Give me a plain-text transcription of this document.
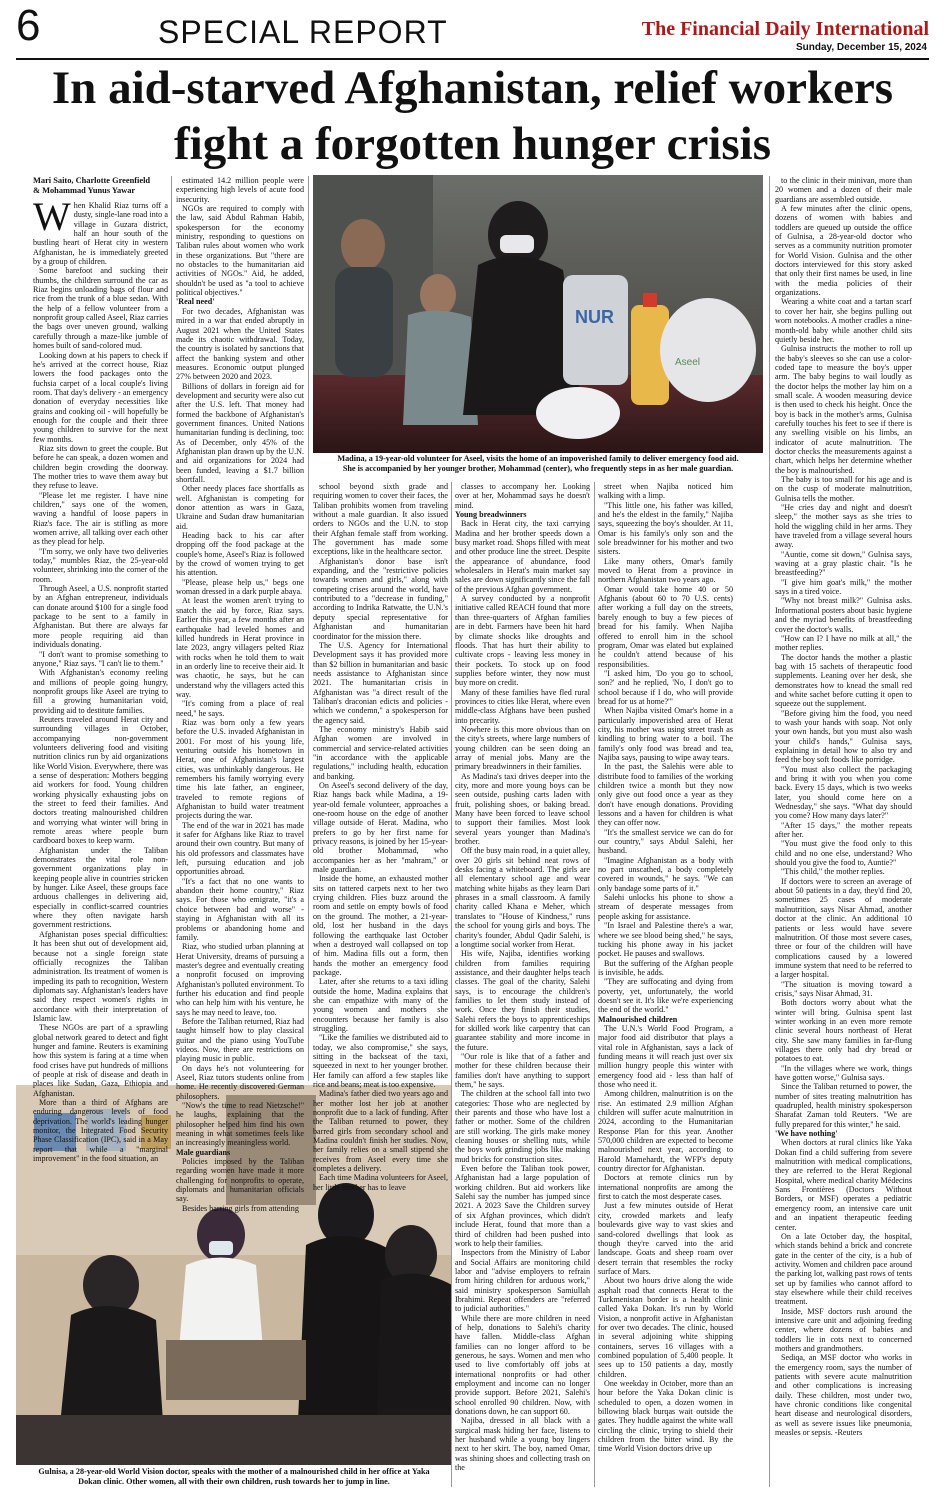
6	SPECIAL REPORT	The Financial Daily International
Sunday, December 15, 2024
In aid-starved Afghanistan, relief workers
fight a forgotten hunger crisis
NUR
Aseel
Madina, a 19-year-old volunteer for Aseel, visits the home of an impoverished family to deliver emergency food aid.
She is accompanied by her younger brother, Mohammad (center), who frequently steps in as her male guardian.
Gulnisa, a 28-year-old World Vision doctor, speaks with the mother of a malnourished child in her office at Yaka
Dokan clinic. Other women, all with their own children, rush towards her to jump in line.
Mari Saito, Charlotte Greenfield
& Mohammad Yunus Yawar

When Khalid Riaz turns off a dusty, single-lane road into a village in Guzara district, half an hour south of the bustling heart of Herat city in western Afghanistan, he is immediately greeted by a group of children.

Some barefoot and sucking their thumbs, the children surround the car as Riaz begins unloading bags of flour and rice from the trunk of a blue sedan. With the help of a fellow volunteer from a nonprofit group called Aseel, Riaz carries the bags over uneven ground, walking carefully through a maze-like jumble of homes built of sand-colored mud.

Looking down at his papers to check if he's arrived at the correct house, Riaz lowers the food packages onto the fuchsia carpet of a local couple's living room. That day's delivery - an emergency donation of everyday necessities like grains and cooking oil - will hopefully be enough for the couple and their three young children to survive for the next few months.

Riaz sits down to greet the couple. But before he can speak, a dozen women and children begin crowding the doorway. The mother tries to wave them away but they refuse to leave.

"Please let me register. I have nine children," says one of the women, waving a handful of loose papers in Riaz's face. The air is stifling as more women arrive, all talking over each other as they plead for help.

"I'm sorry, we only have two deliveries today," mumbles Riaz, the 25-year-old volunteer, shrinking into the corner of the room.

Through Aseel, a U.S. nonprofit started by an Afghan entrepreneur, individuals can donate around $100 for a single food package to be sent to a family in Afghanistan. But there are always far more people requiring aid than individuals donating.

"I don't want to promise something to anyone," Riaz says. "I can't lie to them."

With Afghanistan's economy reeling and millions of people going hungry, nonprofit groups like Aseel are trying to fill a growing humanitarian void, providing aid to destitute families.

Reuters traveled around Herat city and surrounding villages in October, accompanying non-government volunteers delivering food and visiting nutrition clinics run by aid organizations like World Vision. Everywhere, there was a sense of desperation: Mothers begging aid workers for food. Young children working physically exhausting jobs on the street to feed their families. And doctors treating malnourished children and worrying what winter will bring in remote areas where people burn cardboard boxes to keep warm.

Afghanistan under the Taliban demonstrates the vital role non-government organizations play in keeping people alive in countries stricken by hunger. Like Aseel, these groups face arduous challenges in delivering aid, especially in conflict-scarred countries where they often navigate harsh government restrictions.

Afghanistan poses special difficulties: It has been shut out of development aid, because not a single foreign state officially recognizes the Taliban administration. Its treatment of women is impeding its path to recognition, Western diplomats say. Afghanistan's leaders have said they respect women's rights in accordance with their interpretation of Islamic law.

These NGOs are part of a sprawling global network geared to detect and fight hunger and famine. Reuters is examining how this system is faring at a time when food crises have put hundreds of millions of people at risk of disease and death in places like Sudan, Gaza, Ethiopia and Afghanistan.

More than a third of Afghans are enduring dangerous levels of food deprivation. The world's leading hunger monitor, the Integrated Food Security Phase Classification (IPC), said in a May report that while a "marginal improvement" in the food situation, an

estimated 14.2 million people were experiencing high levels of acute food insecurity.

NGOs are required to comply with the law, said Abdul Rahman Habib, spokesperson for the economy ministry, responding to questions on Taliban rules about women who work in these organizations. But "there are no obstacles to the humanitarian aid activities of NGOs." Aid, he added, shouldn't be used as "a tool to achieve political objectives."

'Real need'

For two decades, Afghanistan was mired in a war that ended abruptly in August 2021 when the United States made its chaotic withdrawal. Today, the country is isolated by sanctions that affect the banking system and other measures. Economic output plunged 27% between 2020 and 2023.

Billions of dollars in foreign aid for development and security were also cut after the U.S. left. That money had formed the backbone of Afghanistan's government finances. United Nations humanitarian funding is declining, too: As of December, only 45% of the Afghanistan plan drawn up by the U.N. and aid organizations for 2024 had been funded, leaving a $1.7 billion shortfall.

Other needy places face shortfalls as well. Afghanistan is competing for donor attention as wars in Gaza, Ukraine and Sudan draw humanitarian aid.

Heading back to his car after dropping off the food package at the couple's home, Aseel's Riaz is followed by the crowd of women trying to get his attention.

"Please, please help us," begs one woman dressed in a dark purple abaya.

At least the women aren't trying to snatch the aid by force, Riaz says. Earlier this year, a few months after an earthquake had leveled homes and killed hundreds in Herat province in late 2023, angry villagers pelted Riaz with rocks when he told them to wait in an orderly line to receive their aid. It was chaotic, he says, but he can understand why the villagers acted this way.

"It's coming from a place of real need," he says.

Riaz was born only a few years before the U.S. invaded Afghanistan in 2001. For most of his young life, venturing outside his hometown in Herat, one of Afghanistan's largest cities, was unthinkably dangerous. He remembers his family worrying every time his late father, an engineer, traveled to remote regions of Afghanistan to build water treatment projects during the war.

The end of the war in 2021 has made it safer for Afghans like Riaz to travel around their own country. But many of his old professors and classmates have left, pursuing education and job opportunities abroad.

"It's a fact that no one wants to abandon their home country," Riaz says. For those who emigrate, "it's a choice between bad and worse" - staying in Afghanistan with all its problems or abandoning home and family.

Riaz, who studied urban planning at Herat University, dreams of pursuing a master's degree and eventually creating a nonprofit focused on improving Afghanistan's polluted environment. To further his education and find people who can help him with his venture, he says he may need to leave, too.

Before the Taliban returned, Riaz had taught himself how to play classical guitar and the piano using YouTube videos. Now, there are restrictions on playing music in public.

On days he's not volunteering for Aseel, Riaz tutors students online from home. He recently discovered German philosophers.

"Now's the time to read Nietzsche!" he laughs, explaining that the philosopher helped him find his own meaning in what sometimes feels like an increasingly meaningless world.

Male guardians

Policies imposed by the Taliban regarding women have made it more challenging for nonprofits to operate, diplomats and humanitarian officials say.

Besides barring girls from attending

school beyond sixth grade and requiring women to cover their faces, the Taliban prohibits women from traveling without a male guardian. It also issued orders to NGOs and the U.N. to stop their Afghan female staff from working. The government has made some exceptions, like in the healthcare sector.

Afghanistan's donor base isn't expanding, and the "restrictive policies towards women and girls," along with competing crises around the world, have contributed to a "decrease in funding," according to Indrika Ratwatte, the U.N.'s deputy special representative for Afghanistan and humanitarian coordinator for the mission there.

The U.S. Agency for International Development says it has provided more than $2 billion in humanitarian and basic needs assistance to Afghanistan since 2021. The humanitarian crisis in Afghanistan was "a direct result of the Taliban's draconian edicts and policies - which we condemn," a spokesperson for the agency said.

The economy ministry's Habib said Afghan women are involved in commercial and service-related activities "in accordance with the applicable regulations," including health, education and banking.

On Aseel's second delivery of the day, Riaz hangs back while Madina, a 19-year-old female volunteer, approaches a one-room house on the edge of another village outside of Herat. Madina, who prefers to go by her first name for privacy reasons, is joined by her 15-year-old brother Mohammad, who accompanies her as her "mahram," or male guardian.

Inside the home, an exhausted mother sits on tattered carpets next to her two crying children. Flies buzz around the room and settle on empty bowls of food on the ground. The mother, a 21-year-old, lost her husband in the days following the earthquake last October when a destroyed wall collapsed on top of him. Madina fills out a form, then hands the mother an emergency food package.

Later, after she returns to a taxi idling outside the home, Madina explains that she can empathize with many of the young women and mothers she encounters because her family is also struggling.

"Like the families we distributed aid to today, we also compromise," she says, sitting in the backseat of the taxi, squeezed in next to her younger brother. Her family can afford a few staples like rice and beans; meat is too expensive.

Madina's father died two years ago and her mother lost her job at another nonprofit due to a lack of funding. After the Taliban returned to power, they barred girls from secondary school and Madina couldn't finish her studies. Now, her family relies on a small stipend she receives from Aseel every time she completes a delivery.

Each time Madina volunteers for Aseel, her little brother has to leave

classes to accompany her. Looking over at her, Mohammad says he doesn't mind.

Young breadwinners

Back in Herat city, the taxi carrying Madina and her brother speeds down a busy market road. Shops filled with meat and other produce line the street. Despite the appearance of abundance, food wholesalers in Herat's main market say sales are down significantly since the fall of the previous Afghan government.

A survey conducted by a nonprofit initiative called REACH found that more than three-quarters of Afghan families are in debt. Farmers have been hit hard by climate shocks like droughts and floods. That has hurt their ability to cultivate crops - leaving less money in their pockets. To stock up on food supplies before winter, they now must buy more on credit.

Many of these families have fled rural provinces to cities like Herat, where even middle-class Afghans have been pushed into precarity.

Nowhere is this more obvious than on the city's streets, where large numbers of young children can be seen doing an array of menial jobs. Many are the primary breadwinners in their families.

As Madina's taxi drives deeper into the city, more and more young boys can be seen outside, pushing carts laden with fruit, polishing shoes, or baking bread. Many have been forced to leave school to support their families. Most look several years younger than Madina's brother.

Off the busy main road, in a quiet alley, over 20 girls sit behind neat rows of desks facing a whiteboard. The girls are all elementary school age and wear matching white hijabs as they learn Dari phrases in a small classroom. A family charity called Khana e Meher, which translates to "House of Kindness," runs the school for young girls and boys. The charity's founder, Abdul Qadir Salehi, is a longtime social worker from Herat.

His wife, Najiba, identifies working children from families requiring assistance, and their daughter helps teach classes. The goal of the charity, Salehi says, is to encourage the children's families to let them study instead of work. Once they finish their studies, Salehi refers the boys to apprenticeships for skilled work like carpentry that can guarantee stability and more income in the future.

"Our role is like that of a father and mother for these children because their families don't have anything to support them," he says.

The children at the school fall into two categories: Those who are neglected by their parents and those who have lost a father or mother. Some of the children are still working. The girls make money cleaning houses or shelling nuts, while the boys work grinding jobs like making mud bricks for construction sites.

Even before the Taliban took power, Afghanistan had a large population of working children. But aid workers like Salehi say the number has jumped since 2021. A 2023 Save the Children survey of six Afghan provinces, which didn't include Herat, found that more than a third of children had been pushed into work to help their families.

Inspectors from the Ministry of Labor and Social Affairs are monitoring child labor and "advise employers to refrain from hiring children for arduous work," said ministry spokesperson Samiullah Ibrahimi. Repeat offenders are "referred to judicial authorities."

While there are more children in need of help, donations to Salehi's charity have fallen. Middle-class Afghan families can no longer afford to be generous, he says. Women and men who used to live comfortably off jobs at international nonprofits or had other employment and income can no longer provide support. Before 2021, Salehi's school enrolled 90 children. Now, with donations down, he can support 60.

Najiba, dressed in all black with a surgical mask hiding her face, listens to her husband while a young boy lingers next to her skirt. The boy, named Omar, was shining shoes and collecting trash on the

street when Najiba noticed him walking with a limp.

"This little one, his father was killed, and he's the eldest in the family," Najiba says, squeezing the boy's shoulder. At 11, Omar is his family's only son and the sole breadwinner for his mother and two sisters.

Like many others, Omar's family moved to Herat from a province in northern Afghanistan two years ago.

Omar would take home 40 or 50 Afghanis (about 60 to 70 U.S. cents) after working a full day on the streets, barely enough to buy a few pieces of bread for his family. When Najiba offered to enroll him in the school program, Omar was elated but explained he couldn't attend because of his responsibilities.

"I asked him, 'Do you go to school, son?' and he replied, 'No, I don't go to school because if I do, who will provide bread for us at home?'"

When Najiba visited Omar's home in a particularly impoverished area of Herat city, his mother was using street trash as kindling to bring water to a boil. The family's only food was bread and tea, Najiba says, pausing to wipe away tears.

In the past, the Salehis were able to distribute food to families of the working children twice a month but they now only give out food once a year as they don't have enough donations. Providing lessons and a haven for children is what they can offer now.

"It's the smallest service we can do for our country," says Abdul Salehi, her husband.

"Imagine Afghanistan as a body with no part unscathed, a body completely covered in wounds," he says. "We can only bandage some parts of it."

Salehi unlocks his phone to show a stream of desperate messages from people asking for assistance.

"In Israel and Palestine there's a war, where we see blood being shed," he says, tucking his phone away in his jacket pocket. He pauses and swallows.

But the suffering of the Afghan people is invisible, he adds.

"They are suffocating and dying from poverty, yet, unfortunately, the world doesn't see it. It's like we're experiencing the end of the world."

Malnourished children

The U.N.'s World Food Program, a major food aid distributor that plays a vital role in Afghanistan, says a lack of funding means it will reach just over six million hungry people this winter with emergency food aid - less than half of those who need it.

Among children, malnutrition is on the rise. An estimated 2.9 million Afghan children will suffer acute malnutrition in 2024, according to the Humanitarian Response Plan for this year. Another 570,000 children are expected to become malnourished next year, according to Harold Mamehardt, the WFP's deputy country director for Afghanistan.

Doctors at remote clinics run by international nonprofits are among the first to catch the most desperate cases.

Just a few minutes outside of Herat city, crowded markets and leafy boulevards give way to vast skies and sand-colored dwellings that look as though they're carved into the arid landscape. Goats and sheep roam over desert terrain that resembles the rocky surface of Mars.

About two hours drive along the wide asphalt road that connects Herat to the Turkmenistan border is a health clinic called Yaka Dokan. It's run by World Vision, a nonprofit active in Afghanistan for over two decades. The clinic, housed in several adjoining white shipping containers, serves 16 villages with a combined population of 5,400 people. It sees up to 150 patients a day, mostly children.

One weekday in October, more than an hour before the Yaka Dokan clinic is scheduled to open, a dozen women in billowing black burqas wait outside the gates. They huddle against the white wall circling the clinic, trying to shield their children from the bitter wind. By the time World Vision doctors drive up

to the clinic in their minivan, more than 20 women and a dozen of their male guardians are assembled outside.

A few minutes after the clinic opens, dozens of women with babies and toddlers are queued up outside the office of Gulnisa, a 28-year-old doctor who serves as a community nutrition promoter for World Vision. Gulnisa and the other doctors interviewed for this story asked that only their first names be used, in line with the media policies of their organizations.

Wearing a white coat and a tartan scarf to cover her hair, she begins pulling out worn notebooks. A mother cradles a nine-month-old baby while another child sits quietly beside her.

Gulnisa instructs the mother to roll up the baby's sleeves so she can use a color-coded tape to measure the boy's upper arm. The baby begins to wail loudly as the doctor helps the mother lay him on a small scale. A wooden measuring device is then used to check his height. Once the boy is back in the mother's arms, Gulnisa carefully touches his feet to see if there is any swelling visible on his limbs, an indicator of acute malnutrition. The doctor checks the measurements against a chart, which helps her determine whether the boy is malnourished.

The baby is too small for his age and is on the cusp of moderate malnutrition, Gulnisa tells the mother.

"He cries day and night and doesn't sleep," the mother says as she tries to hold the wiggling child in her arms. They have traveled from a village several hours away.

"Auntie, come sit down," Gulnisa says, waving at a gray plastic chair. "Is he breastfeeding?"

"I give him goat's milk," the mother says in a tired voice.

"Why not breast milk?" Gulnisa asks. Informational posters about basic hygiene and the myriad benefits of breastfeeding cover the doctor's walls.

"How can I? I have no milk at all," the mother replies.

The doctor hands the mother a plastic bag with 15 sachets of therapeutic food supplements. Leaning over her desk, she demonstrates how to knead the small red and white sachet before cutting it open to squeeze out the supplement.

"Before giving him the food, you need to wash your hands with soap. Not only your own hands, but you must also wash your child's hands," Gulnisa says, explaining in detail how to also try and feed the boy soft foods like porridge.

"You must also collect the packaging and bring it with you when you come back. Every 15 days, which is two weeks later, you should come here on a Wednesday," she says. "What day should you come? How many days later?"

"After 15 days," the mother repeats after her.

"You must give the food only to this child and no one else, understand? Who should you give the food to, Auntie?"

"This child," the mother replies.

If doctors were to screen an average of about 50 patients in a day, they'd find 20, sometimes 25 cases of moderate malnutrition, says Nisar Ahmad, another doctor at the clinic. An additional 10 patients or less would have severe malnutrition. Of those most severe cases, three or four of the children will have complications caused by a lowered immune system that need to be referred to a larger hospital.

"The situation is moving toward a crisis," says Nisar Ahmad, 31.

Both doctors worry about what the winter will bring. Gulnisa spent last winter working in an even more remote clinic several hours northeast of Herat city. She saw many families in far-flung villages there only had dry bread or potatoes to eat.

"In the villages where we work, things have gotten worse," Gulnisa says.

Since the Taliban returned to power, the number of sites treating malnutrition has quadrupled, health ministry spokesperson Sharafat Zaman told Reuters. "We are fully prepared for this winter," he said.

'We have nothing'

When doctors at rural clinics like Yaka Dokan find a child suffering from severe malnutrition with medical complications, they are referred to the Herat Regional Hospital, where medical charity Médecins Sans Frontières (Doctors Without Borders, or MSF) operates a pediatric emergency room, an intensive care unit and an inpatient therapeutic feeding center.

On a late October day, the hospital, which stands behind a brick and concrete gate in the center of the city, is a hub of activity. Women and children pace around the parking lot, walking past rows of tents set up by families who cannot afford to stay elsewhere while their child receives treatment.

Inside, MSF doctors rush around the intensive care unit and adjoining feeding center, where dozens of babies and toddlers lie in cots next to concerned mothers and grandmothers.

Sediqa, an MSF doctor who works in the emergency room, says the number of patients with severe acute malnutrition and other complications is increasing daily. These children, most under two, have chronic conditions like congenital heart disease and neurological disorders, as well as severe issues like pneumonia, measles or sepsis. -Reuters
